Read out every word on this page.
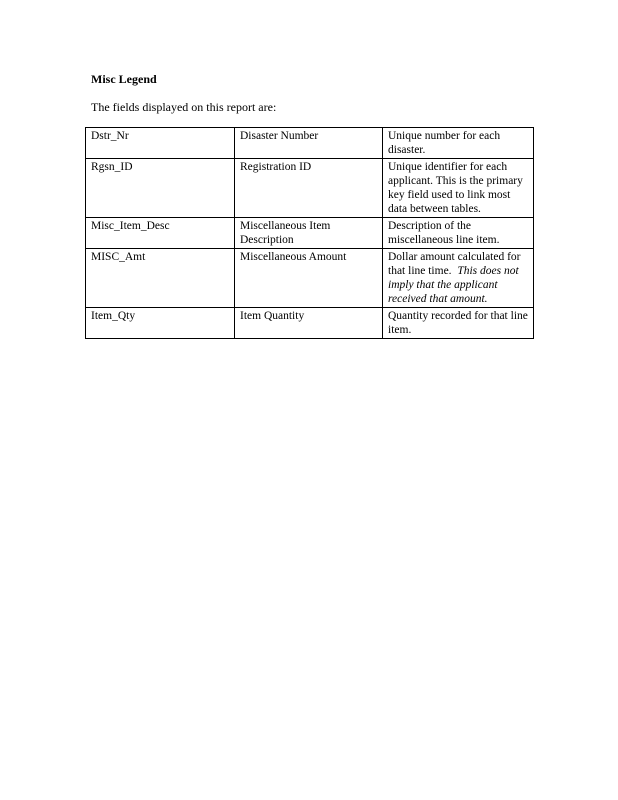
Misc Legend

The fields displayed on this report are:

Dstr_Nr	Disaster Number	Unique number for each disaster.
Rgsn_ID	Registration ID	Unique identifier for each applicant. This is the primary key field used to link most data between tables.
Misc_Item_Desc	Miscellaneous Item Description	Description of the miscellaneous line item.
MISC_Amt	Miscellaneous Amount	Dollar amount calculated for that line time.  This does not imply that the applicant received that amount.
Item_Qty	Item Quantity	Quantity recorded for that line item.
